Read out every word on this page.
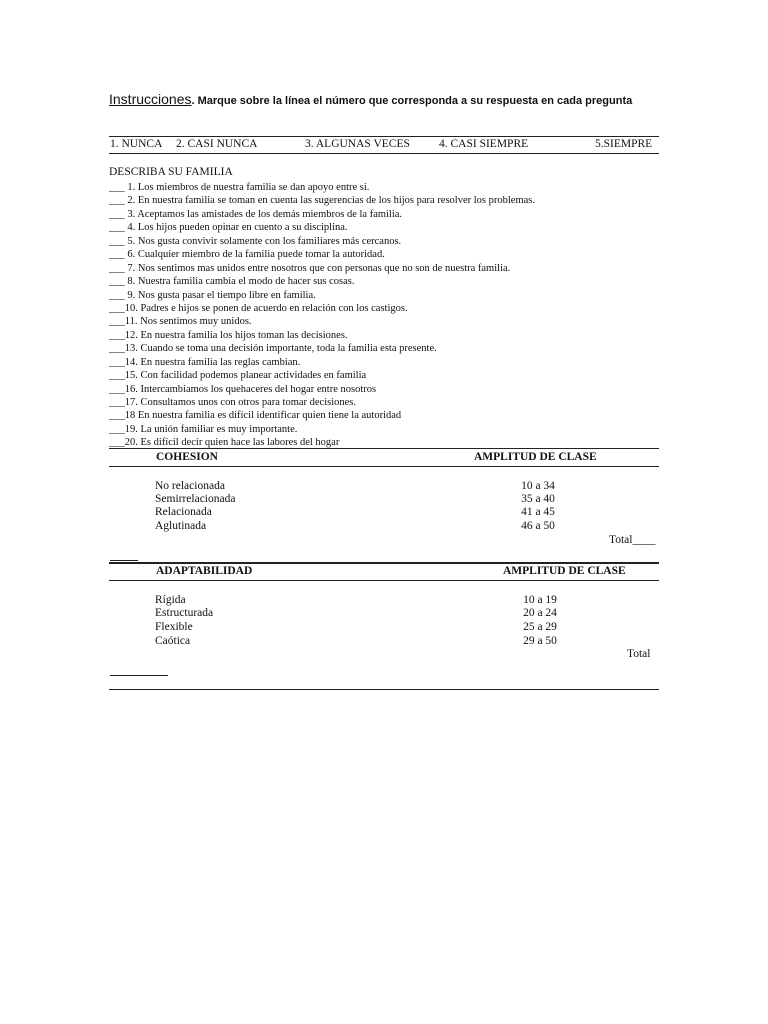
Instrucciones. Marque sobre la línea el número que corresponda a su respuesta en cada pregunta
1. NUNCA 2. CASI NUNCA	3. ALGUNAS VECES	4. CASI SIEMPRE	5.SIEMPRE
DESCRIBA SU FAMILIA
___ 1. Los miembros de nuestra familia se dan apoyo entre si.
___ 2. En nuestra familia se toman en cuenta las sugerencias de los hijos para resolver los problemas.
___ 3. Aceptamos las amistades de los demás miembros de la familia.
___ 4. Los hijos pueden opinar en cuento a su disciplina.
___ 5. Nos gusta convivir solamente con los familiares más cercanos.
___ 6. Cualquier miembro de la familia puede tomar la autoridad.
___ 7. Nos sentimos mas unidos entre nosotros que con personas que no son de nuestra familia.
___ 8. Nuestra familia cambia el modo de hacer sus cosas.
___ 9. Nos gusta pasar el tiempo libre en familia.
___10. Padres e hijos se ponen de acuerdo en relación con los castigos.
___11. Nos sentimos muy unidos.
___12. En nuestra familia los hijos toman las decisiones.
___13. Cuando se toma una decisión importante, toda la familia esta presente.
___14. En nuestra familia las reglas cambian.
___15. Con facilidad podemos planear actividades en familia
___16. Intercambiamos los quehaceres del hogar entre nosotros
___17. Consultamos unos con otros para tomar decisiones.
___18 En nuestra familia es difícil identificar quien tiene la autoridad
___19. La unión familiar es muy importante.
___20. Es difícil decir quien hace las labores del hogar
COHESION	AMPLITUD DE CLASE
No relacionada	10 a 34
Semirrelacionada	35 a 40
Relacionada	41 a 45
Aglutinada	46 a 50
Total____
ADAPTABILIDAD	AMPLITUD DE CLASE
Rígida	10 a 19
Estructurada	20 a 24
Flexible	25 a 29
Caótica	29 a 50
Total
